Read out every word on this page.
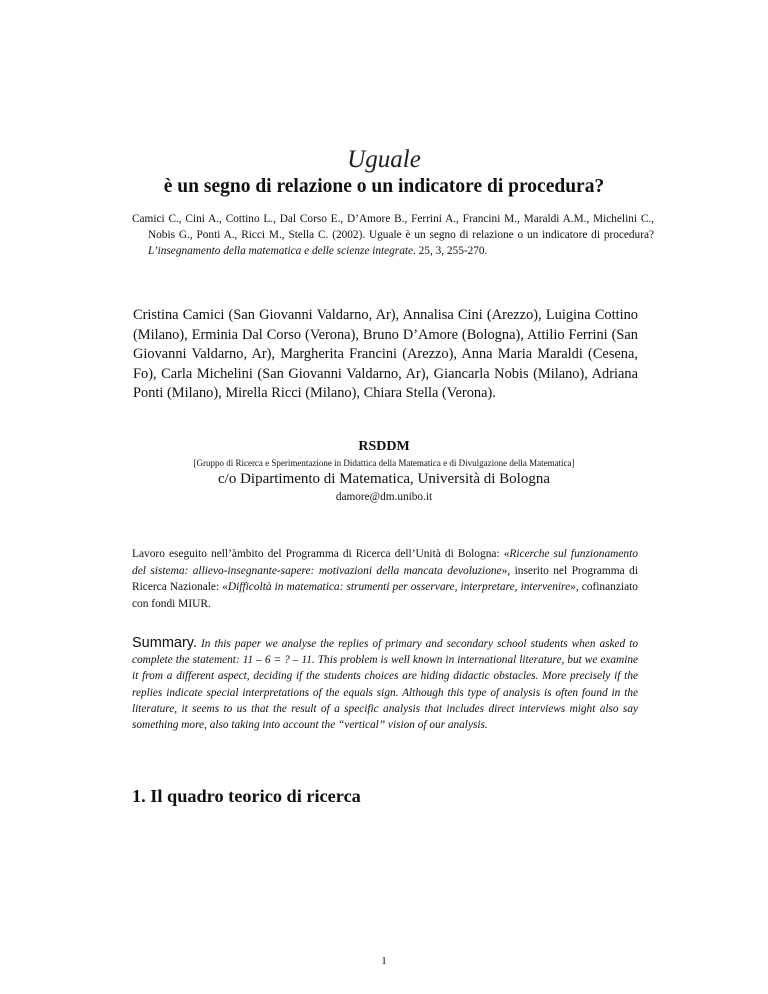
Uguale
è un segno di relazione o un indicatore di procedura?
Camici C., Cini A., Cottino L., Dal Corso E., D’Amore B., Ferrini A., Francini M., Maraldi A.M., Michelini C., Nobis G., Ponti A., Ricci M., Stella C. (2002). Uguale è un segno di relazione o un indicatore di procedura? L’insegnamento della matematica e delle scienze integrate. 25, 3, 255-270.
Cristina Camici (San Giovanni Valdarno, Ar), Annalisa Cini (Arezzo), Luigina Cottino (Milano), Erminia Dal Corso (Verona), Bruno D’Amore (Bologna), Attilio Ferrini (San Giovanni Valdarno, Ar), Margherita Francini (Arezzo), Anna Maria Maraldi (Cesena, Fo), Carla Michelini (San Giovanni Valdarno, Ar), Giancarla Nobis (Milano), Adriana Ponti (Milano), Mirella Ricci (Milano), Chiara Stella (Verona).
RSDDM
[Gruppo di Ricerca e Sperimentazione in Didattica della Matematica e di Divulgazione della Matematica]
c/o Dipartimento di Matematica, Università di Bologna
damore@dm.unibo.it
Lavoro eseguito nell’àmbito del Programma di Ricerca dell’Unità di Bologna: «Ricerche sul funzionamento del sistema: allievo-insegnante-sapere: motivazioni della mancata devoluzione», inserito nel Programma di Ricerca Nazionale: «Difficoltà in matematica: strumenti per osservare, interpretare, intervenire», cofinanziato con fondi MIUR.
Summary. In this paper we analyse the replies of primary and secondary school students when asked to complete the statement: 11 – 6 = ? – 11. This problem is well known in international literature, but we examine it from a different aspect, deciding if the students choices are hiding didactic obstacles. More precisely if the replies indicate special interpretations of the equals sign. Although this type of analysis is often found in the literature, it seems to us that the result of a specific analysis that includes direct interviews might also say something more, also taking into account the “vertical” vision of our analysis.
1. Il quadro teorico di ricerca
1
